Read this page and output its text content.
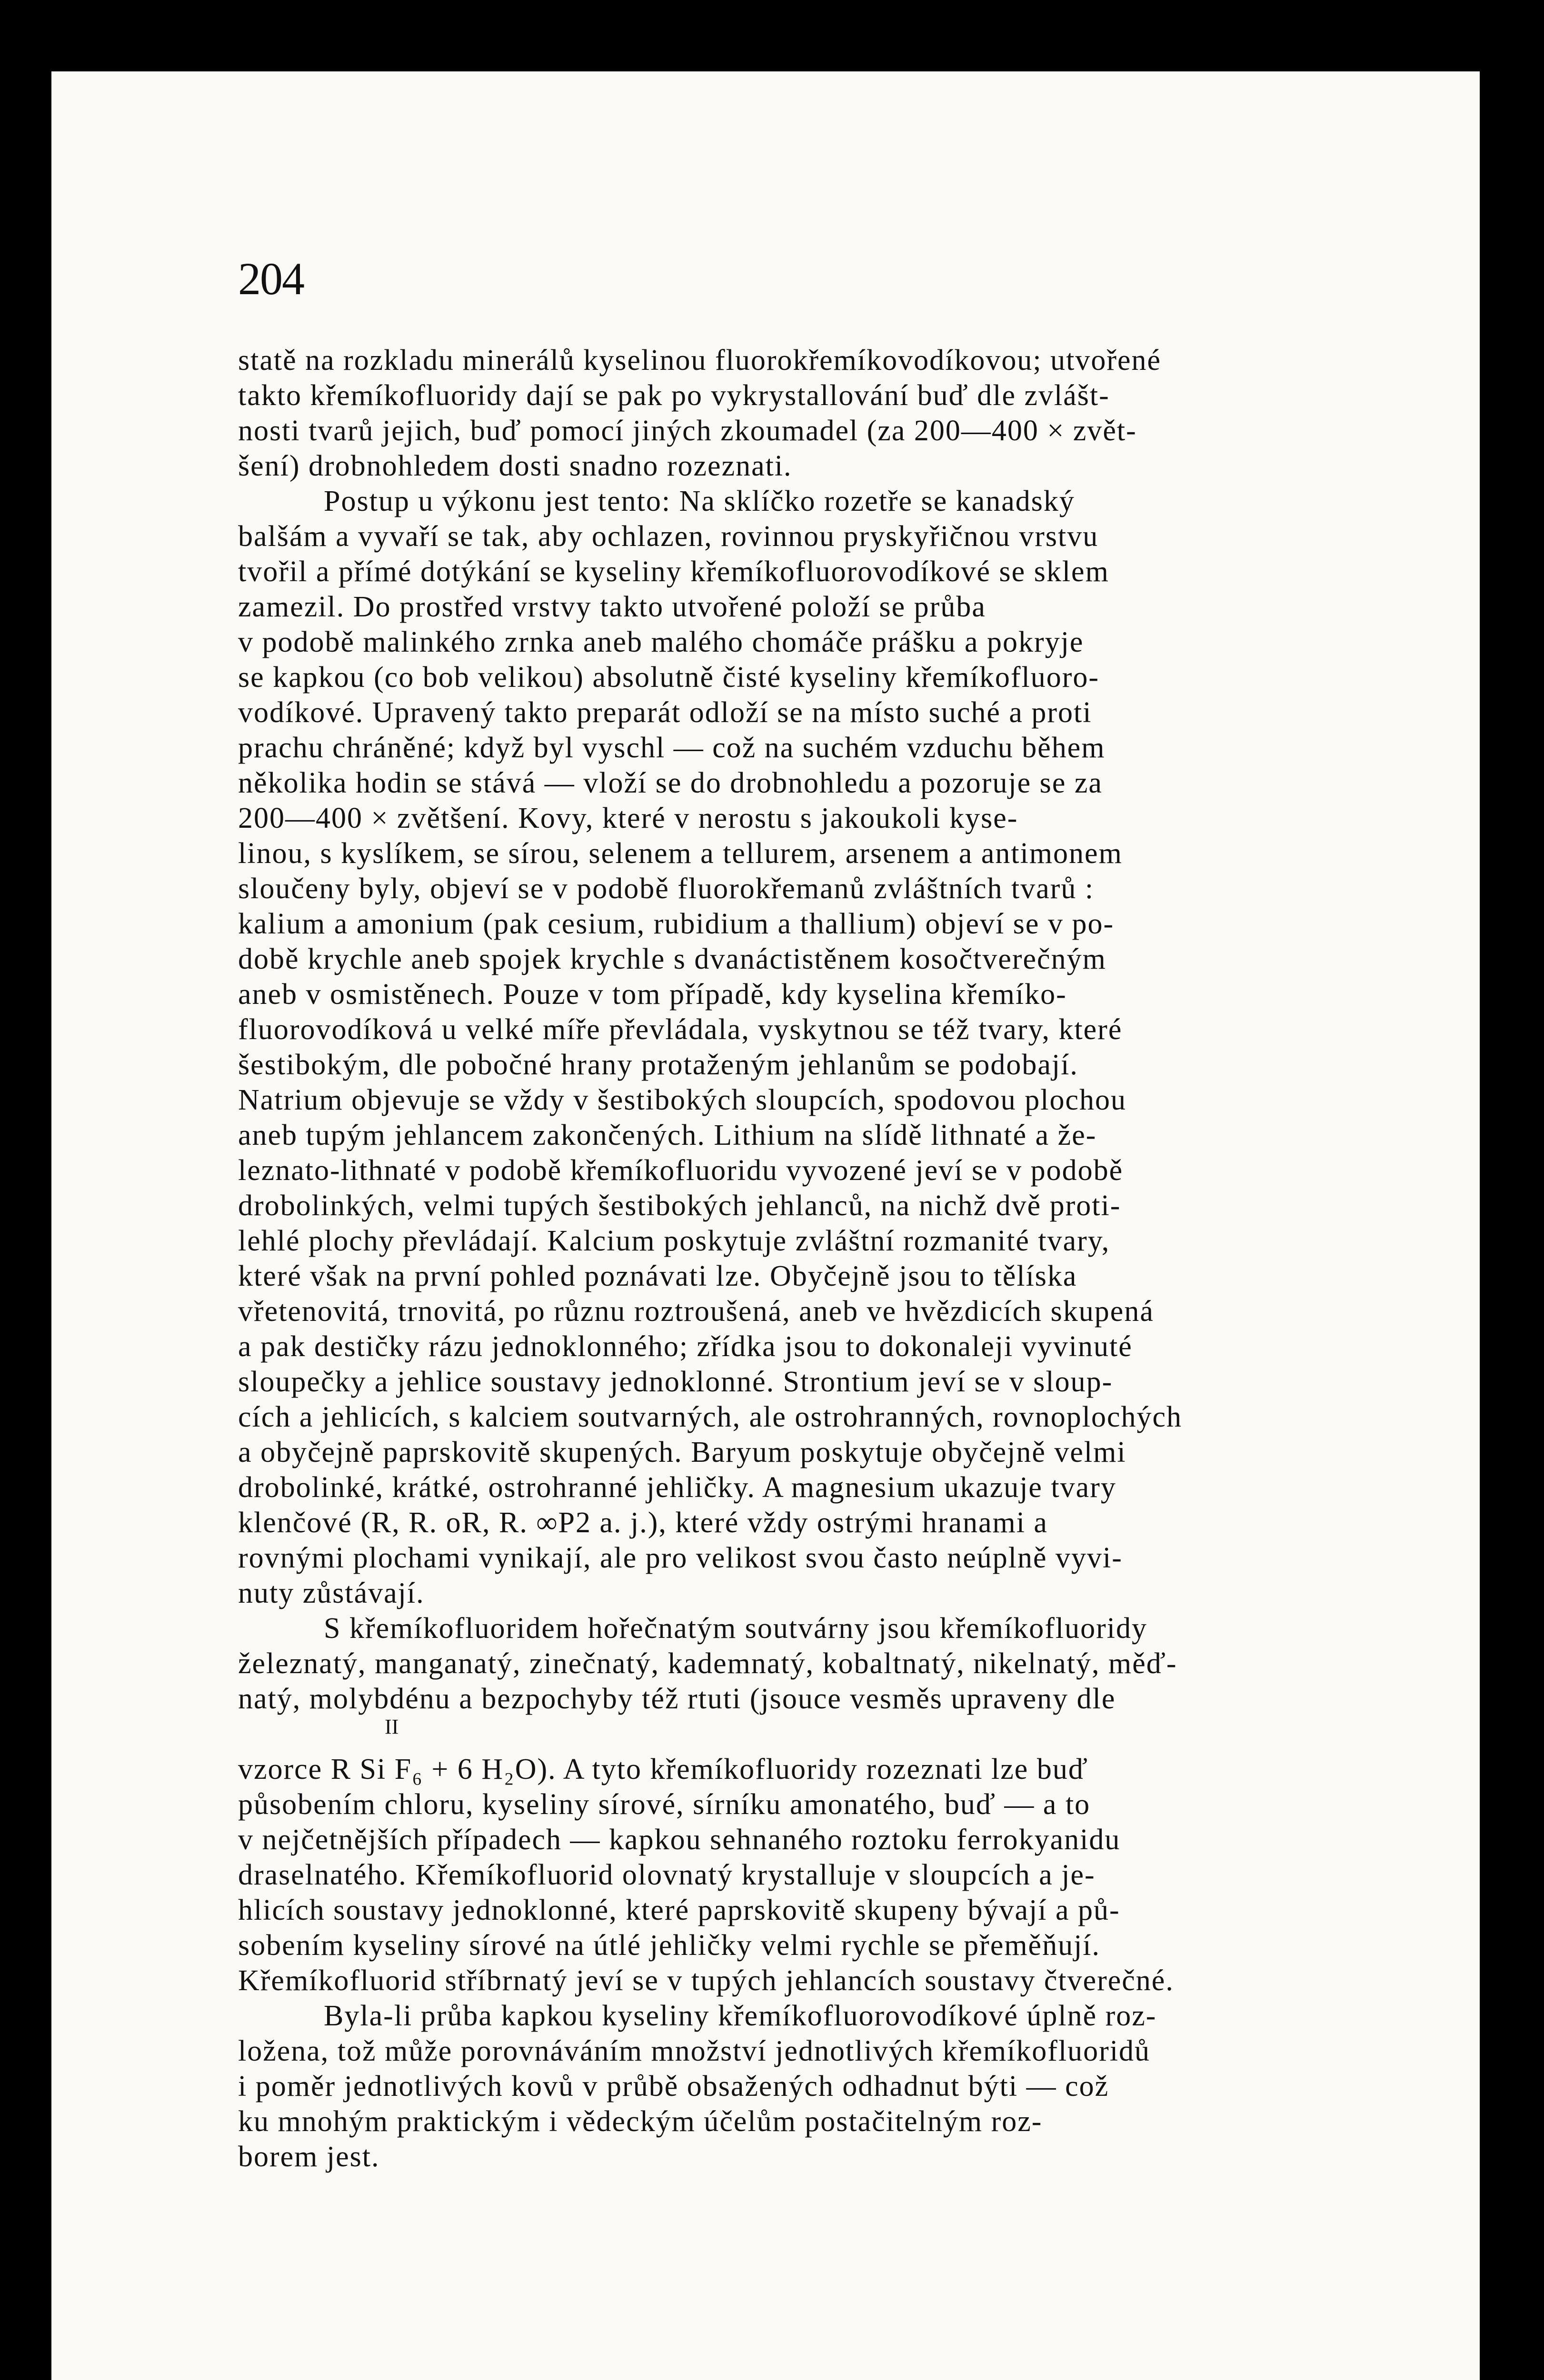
204

statě na rozkladu minerálů kyselinou fluorokřemíkovodíkovou; utvořené
takto křemíkofluoridy dají se pak po vykrystallování buď dle zvlášt-
nosti tvarů jejich, buď pomocí jiných zkoumadel (za 200—400 × zvět-
šení) drobnohledem dosti snadno rozeznati.
Postup u výkonu jest tento: Na sklíčko rozetře se kanadský
balšám a vyvaří se tak, aby ochlazen, rovinnou pryskyřičnou vrstvu
tvořil a přímé dotýkání se kyseliny křemíkofluorovodíkové se sklem
zamezil. Do prostřed vrstvy takto utvořené položí se průba
v podobě malinkého zrnka aneb malého chomáče prášku a pokryje
se kapkou (co bob velikou) absolutně čisté kyseliny křemíkofluoro-
vodíkové. Upravený takto preparát odloží se na místo suché a proti
prachu chráněné; když byl vyschl — což na suchém vzduchu během
několika hodin se stává — vloží se do drobnohledu a pozoruje se za
200—400 × zvětšení. Kovy, které v nerostu s jakoukoli kyse-
linou, s kyslíkem, se sírou, selenem a tellurem, arsenem a antimonem
sloučeny byly, objeví se v podobě fluorokřemanů zvláštních tvarů :
kalium a amonium (pak cesium, rubidium a thallium) objeví se v po-
době krychle aneb spojek krychle s dvanáctistěnem kosočtverečným
aneb v osmistěnech. Pouze v tom případě, kdy kyselina křemíko-
fluorovodíková u velké míře převládala, vyskytnou se též tvary, které
šestibokým, dle pobočné hrany protaženým jehlanům se podobají.
Natrium objevuje se vždy v šestibokých sloupcích, spodovou plochou
aneb tupým jehlancem zakončených. Lithium na slídě lithnaté a že-
leznato-lithnaté v podobě křemíkofluoridu vyvozené jeví se v podobě
drobolinkých, velmi tupých šestibokých jehlanců, na nichž dvě proti-
lehlé plochy převládají. Kalcium poskytuje zvláštní rozmanité tvary,
které však na první pohled poznávati lze. Obyčejně jsou to tělíska
vřetenovitá, trnovitá, po různu roztroušená, aneb ve hvězdicích skupená
a pak destičky rázu jednoklonného; zřídka jsou to dokonaleji vyvinuté
sloupečky a jehlice soustavy jednoklonné. Strontium jeví se v sloup-
cích a jehlicích, s kalciem soutvarných, ale ostrohranných, rovnoplochých
a obyčejně paprskovitě skupených. Baryum poskytuje obyčejně velmi
drobolinké, krátké, ostrohranné jehličky. A magnesium ukazuje tvary
klenčové (R, R. oR, R. ∞P2 a. j.), které vždy ostrými hranami a
rovnými plochami vynikají, ale pro velikost svou často neúplně vyvi-
nuty zůstávají.
S křemíkofluoridem hořečnatým soutvárny jsou křemíkofluoridy
železnatý, manganatý, zinečnatý, kademnatý, kobaltnatý, nikelnatý, měď-
natý, molybdénu a bezpochyby též rtuti (jsouce vesměs upraveny dle
II
vzorce R Si F₆ + 6 H₂O). A tyto křemíkofluoridy rozeznati lze buď
působením chloru, kyseliny sírové, sírníku amonatého, buď — a to
v nejčetnějších případech — kapkou sehnaného roztoku ferrokyanidu
draselnatého. Křemíkofluorid olovnatý krystalluje v sloupcích a je-
hlicích soustavy jednoklonné, které paprskovitě skupeny bývají a pů-
sobením kyseliny sírové na útlé jehličky velmi rychle se přeměňují.
Křemíkofluorid stříbrnatý jeví se v tupých jehlancích soustavy čtverečné.
Byla-li průba kapkou kyseliny křemíkofluorovodíkové úplně roz-
ložena, tož může porovnáváním množství jednotlivých křemíkofluoridů
i poměr jednotlivých kovů v průbě obsažených odhadnut býti — což
ku mnohým praktickým i vědeckým účelům postačitelným roz-
borem jest.
